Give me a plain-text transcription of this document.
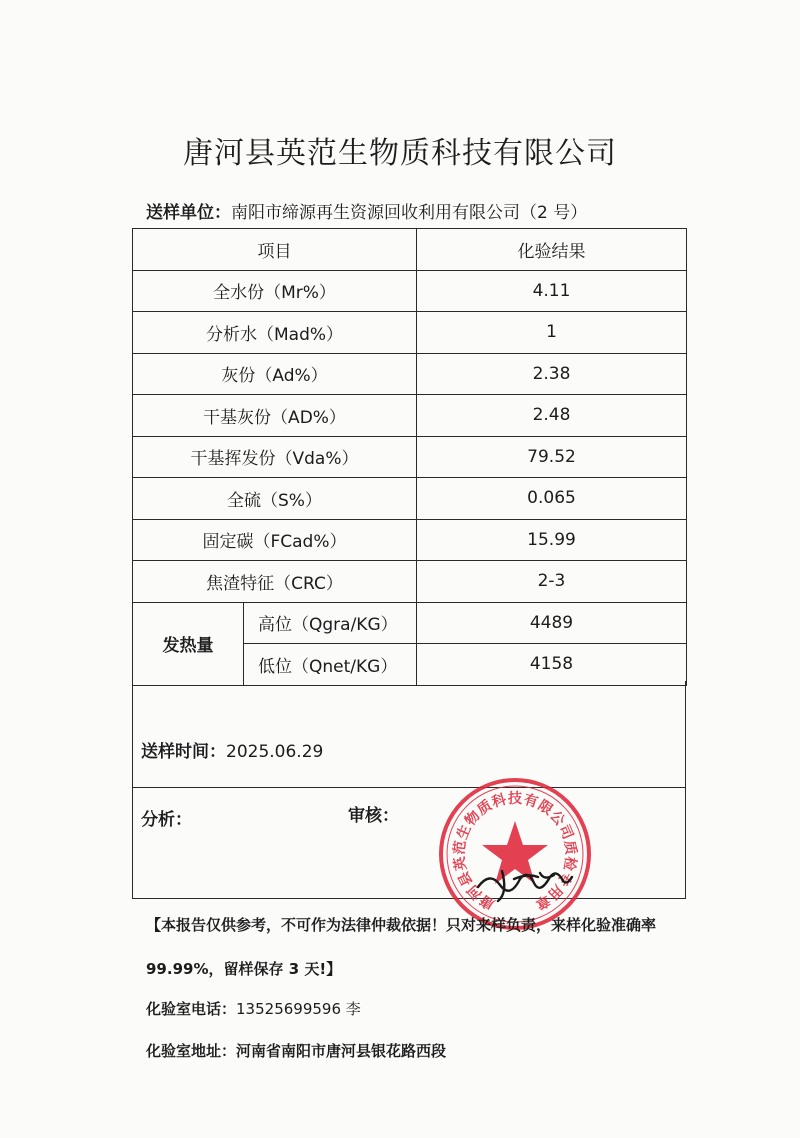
唐河县英范生物质科技有限公司
送样单位：南阳市缔源再生资源回收利用有限公司（2 号）
项目		化验结果
全水份（Mr%）		4.11
分析水（Mad%）		1
灰份（Ad%）		2.38
干基灰份（AD%）		2.48
干基挥发份（Vda%）		79.52
全硫（S%）		0.065
固定碳（FCad%）		15.99
焦渣特征（CRC）		2-3
发热量	高位（Qgra/KG）	4489
	低位（Qnet/KG）	4158
送样时间：2025.06.29
分析：	审核：
唐
河
县
英
范
生
物
质
科 技 有
限
公
司
质
检
专
用
章
【本报告仅供参考，不可作为法律仲裁依据！只对来样负责，来样化验准确率
99.99%，留样保存 3 天!】
化验室电话：13525699596 李
化验室地址：河南省南阳市唐河县银花路西段
